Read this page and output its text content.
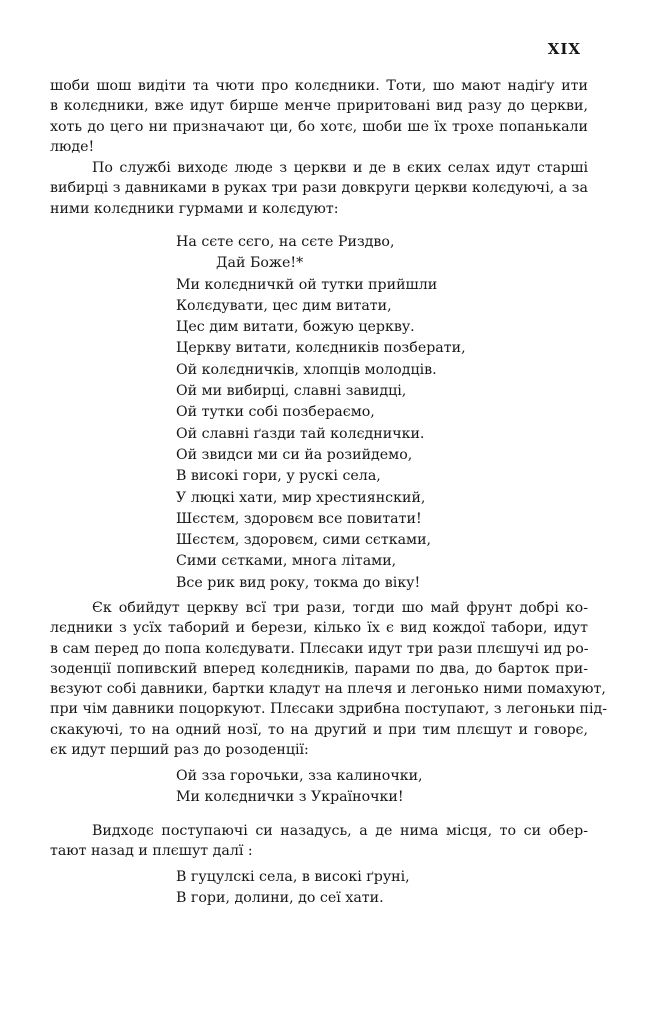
XIX
шоби шош видіти та чюти про колєдники. Тоти, шо мают надіґу ити
в колєдники, вже идут бирше менче приритовані вид разу до церкви,
хоть до цего ни призначают ци, бо хотє, шоби ше їх трохе попанькали
люде!
По службі виходє люде з церкви и де в єких селах идут старші
вибирці з давниками в руках три рази довкруги церкви колєдуючі, а за
ними колєдники гурмами и колєдуют:
На сєте сєго, на сєте Риздво,
Дай Боже!*
Ми колєдничкй ой тутки прийшли
Колєдувати, цес дим витати,
Цес дим витати, божую церкву.
Церкву витати, колєдників позберати,
Ой колєдничків, хлопців молодців.
Ой ми вибирці, славні завидці,
Ой тутки собі позбераємо,
Ой славні ґазди тай колєднички.
Ой звидси ми си йа розийдемо,
В високі гори, у рускі села,
У люцкі хати, мир хрестиянский,
Шєстєм, здоровєм все повитати!
Шєстєм, здоровєм, сими сєтками,
Сими сєтками, многа літами,
Все рик вид року, токма до віку!
Єк обийдут церкву всї три рази, тогди шо май фрунт добрі ко-
лєдники з усїх таборий и берези, кілько їх є вид кождої табори, идут
в сам перед до попа колєдувати. Плєсаки идут три рази плєшучі ид ро-
зоденції попивский вперед колєдників, парами по два, до барток при-
вєзуют собі давники, бартки кладут на плечя и легонько ними помахуют,
при чім давники поцоркуют. Плєсаки здрибна поступают, з легоньки під-
скакуючі, то на одний нозї, то на другий и при тим плєшут и говорє,
єк идут перший раз до розоденції:
Ой зза горочьки, зза калиночки,
Ми колєднички з Україночки!
Видходє поступаючі си назадусь, а де нима місця, то си обер-
тают назад и плєшут далї :
В гуцулскі села, в високі ґруні,
В гори, долини, до сеї хати.
